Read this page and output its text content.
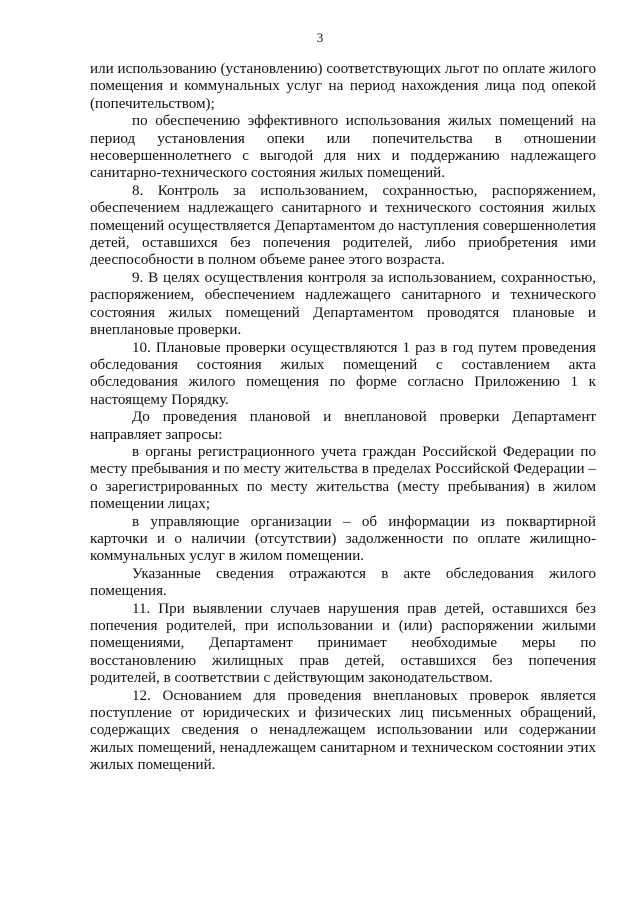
3

или использованию (установлению) соответствующих льгот по оплате жилого помещения и коммунальных услуг на период нахождения лица под опекой (попечительством);

по обеспечению эффективного использования жилых помещений на период установления опеки или попечительства в отношении несовершеннолетнего с выгодой для них и поддержанию надлежащего санитарно-технического состояния жилых помещений.

8. Контроль за использованием, сохранностью, распоряжением, обеспечением надлежащего санитарного и технического состояния жилых помещений осуществляется Департаментом до наступления совершеннолетия детей, оставшихся без попечения родителей, либо приобретения ими дееспособности в полном объеме ранее этого возраста.

9. В целях осуществления контроля за использованием, сохранностью, распоряжением, обеспечением надлежащего санитарного и технического состояния жилых помещений Департаментом проводятся плановые и внеплановые проверки.

10. Плановые проверки осуществляются 1 раз в год путем проведения обследования состояния жилых помещений с составлением акта обследования жилого помещения по форме согласно Приложению 1 к настоящему Порядку.

До проведения плановой и внеплановой проверки Департамент направляет запросы:

в органы регистрационного учета граждан Российской Федерации по месту пребывания и по месту жительства в пределах Российской Федерации – о зарегистрированных по месту жительства (месту пребывания) в жилом помещении лицах;

в управляющие организации – об информации из поквартирной карточки и о наличии (отсутствии) задолженности по оплате жилищно-коммунальных услуг в жилом помещении.

Указанные сведения отражаются в акте обследования жилого помещения.

11. При выявлении случаев нарушения прав детей, оставшихся без попечения родителей, при использовании и (или) распоряжении жилыми помещениями, Департамент принимает необходимые меры по восстановлению жилищных прав детей, оставшихся без попечения родителей, в соответствии с действующим законодательством.

12. Основанием для проведения внеплановых проверок является поступление от юридических и физических лиц письменных обращений, содержащих сведения о ненадлежащем использовании или содержании жилых помещений, ненадлежащем санитарном и техническом состоянии этих жилых помещений.
